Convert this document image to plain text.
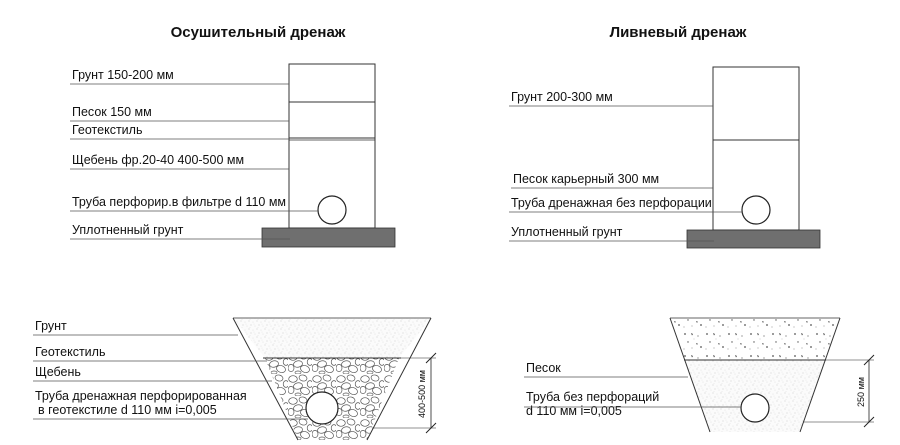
Осушительный дренаж	Ливневый дренаж
Грунт 150-200 мм
Песок 150 мм
Геотекстиль
Щебень фр.20-40 400-500 мм
Труба перфорир.в фильтре d 110 мм
Уплотненный грунт
Грунт 200-300 мм
Песок карьерный 300 мм
Труба дренажная без перфорации
Уплотненный грунт
Грунт
Геотекстиль
Щебень
Труба дренажная перфорированная
в геотекстиле d 110 мм i=0,005	400-500 мм
Песок
Труба без перфораций
d 110 мм i=0,005
250 мм
